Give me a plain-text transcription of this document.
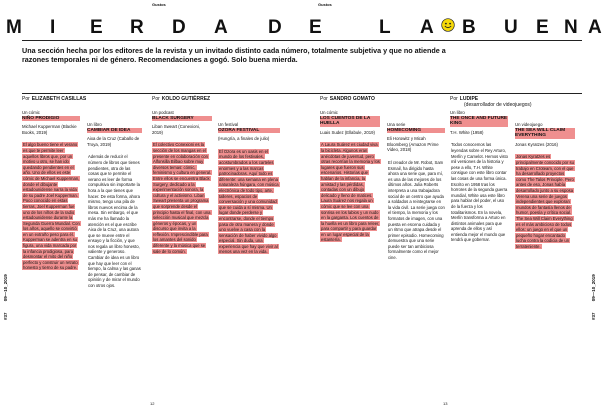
Gustos	Gustos
M I E R D A D E	L A B U E N A
Una sección hecha por los editores de la revista y un invitado distinto cada número, totalmente subjetiva y que no atiende a razones temporales ni de género. Recomendaciones a gogó. Solo buena mierda.
Por ELIZABETH CASILLAS	Por KOLDO GUTIÉRREZ	Por SANDRO GOMATO	Por LUDIPE
(desarrollador de videojuegos)
#37 09—10_2019
#37 09—10_2019
Un cómic
NIÑO PRODIGIO
Michael Kupperman (Blackie Books, 2019)
El algo bueno tiene el verano es que te permite leer aquellos libros que, por un motivo u otro, se han ido quedando pendientes en el año. Uno de ellos es este cómic de Michael Kupperman, donde el dibujante estadounidense narra la vida de su padre Joel Kupperman. Poco conocido en estas tierras, Joel Kupperman fue uno de los niños de la radio estadounidense durante la Segunda Guerra Mundial. Con los años, aquello se convirtió en un extraño peso para él. Kupperman se adentra en su figura, una vida marcada por la infancia prodigiosa, para desmontar el mito del niño perfecto y construir un retrato honesto y tierno de su padre.
Un libro
CAMBIAR DE IDEA
Aixa de la Cruz (Caballo de Troya, 2019)
Además de reducir el número de libros que tienes pendientes, otra de las cosas que te permite el verano es leer de forma compulsiva sin importarte la hora a la que tienes que hacer. De esta forma, ahora mismo, tengo una pila de libros nuevos encima de la mesa. Sin embargo, el que más me ha llamado la atención es el que escribe Aixa de la Cruz, una autora que se mueve entre el ensayo y la ficción, y que nos regala un libro honesto, valiente y generoso. Cambiar de idea es un libro que hay que leer con el tiempo, la calma y las ganas de pensar, de cambiar de opinión y de mirar el mundo con otros ojos.
Un podcast
BLACK SURGERY
Liban Sweart (Conexioni, 2019)
El colectivo Conexioni es la sección de los mangas en el presente en colaboración con Alfonsilla Bilbao sobre muy diversos temas: cómic, feminismo y cultura en general. Entre ellos se encuentra Black Surgery, dedicado a la experimentación sonora, la cultura y el activismo. Liban Sweart presenta un programa que sorprende desde el principio hasta el final, con una selección musical que mezcla géneros y épocas, y un discurso que invita a la reflexión. Imprescindible para los amantes del sonido diferente y la música que se sale de lo común.
Un festival
OZORA FESTIVAL
(Hungría, a finales de julio)
El Ozora es un oasis en el mundo de los festivales, acostumbrados a los carteles enormes y a las marcas patrocinadoras. Aquí todo es diferente: una semana en plena naturaleza húngara, con música electrónica de todo tipo, arte, talleres, espacios de conversación y una comunidad que se cuida a sí misma. Un lugar donde perderse y encontrarse, donde el tiempo pasa de otra manera y donde uno vuelve a casa con la sensación de haber vivido algo especial. Sin duda, una experiencia que hay que vivir al menos una vez en la vida.
Un cómic
LOS CUENTOS DE LA HUELLA
Luais Sudez (Ellabule, 2019)
A Laura Suárez es ciudad viva la bicicleta. Algunos eran anécdotas de juventud, pero otras recorrían la memoria y los lugares que fueron sus escenarios. Historias que hablan de la infancia, la amistad y las pérdidas, contadas con un dibujo delicado y lleno de matices. Laura Suárez nos regala un cómic que se lee con una sonrisa en los labios y un nudo en la garganta. Los cuentos de la huella es un libro para releer, para compartir y para guardar en un lugar especial de la estantería.
Una serie
HOMECOMING
Eli Horowitz y Micah Bloomberg (Amazon Prime Video, 2018)
El creador de Mr. Robot, Sam Esmail, ha dirigido hasta ahora una serie que, para mí, es una de las mejores de los últimos años. Julia Roberts interpreta a una trabajadora social de un centro que ayuda a soldados a reintegrarse en la vida civil. La serie juega con el tiempo, la memoria y los formatos de imagen, con una puesta en escena cuidada y un ritmo que atrapa desde el primer episodio. Homecoming demuestra que una serie puede ser tan ambiciosa formalmente como el mejor cine.
Un libro
THE ONCE AND FUTURE KING
T.H. White (1958)
Todos conocemos las leyendas sobre el Rey Arturo, Merlín y Camelot. Hemos visto mil versiones de la historia y pese a ello, T.H. White consigue con este libro contar las cosas de una forma única. Escrito en 1958 tras los horrores de la segunda guerra mundial, White usa este libro para hablar del poder, el uso de la fuerza y los totalitarismos. En la novela, Merlín transforma a Arturo en distintos animales para que aprenda de ellos y así entienda mejor el mundo que tendrá que gobernar.
Un videojuego
THE SEA WILL CLAIM EVERYTHING
Jonas Kyratzes (2016)
Jonas Kyratzes es principalmente conocido por su trabajo en Croteam, con el que ha desarrollado proyectos como The Talos Principle. Pero antes de eso, Jonas había desarrollado junto a su esposa Verena una serie de juegos independientes que exploran mundos de fantasía llenos de humor, poesía y crítica social. The Sea Will Claim Everything es el más ambicioso de todos ellos: un juego en el que un pequeño hogar encantado lucha contra la codicia de un terrateniente.
12	13
